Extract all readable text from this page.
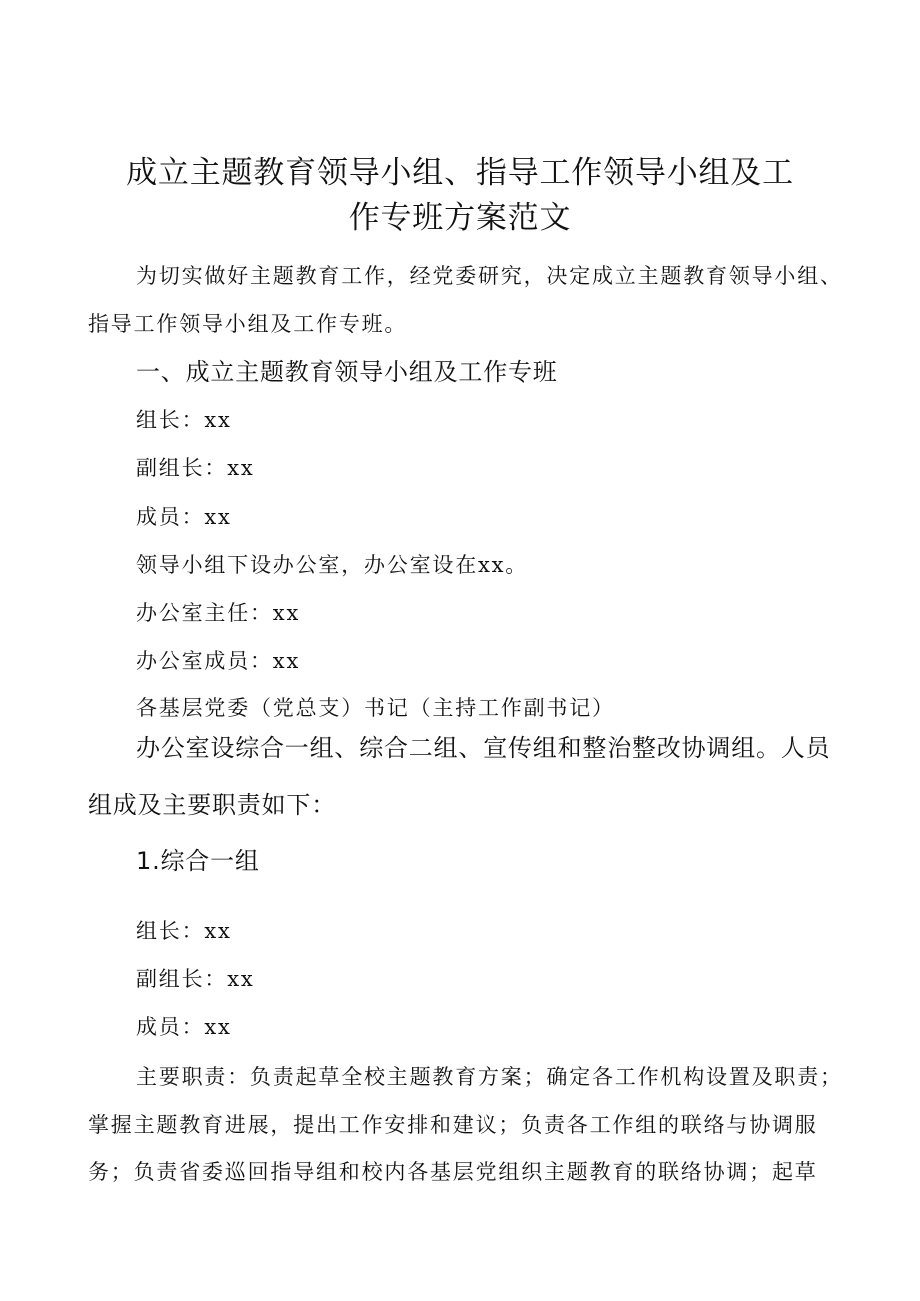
成立主题教育领导小组、指导工作领导小组及工
作专班方案范文
为切实做好主题教育工作，经党委研究，决定成立主题教育领导小组、
指导工作领导小组及工作专班。
一、成立主题教育领导小组及工作专班
组长：xx
副组长：xx
成员：xx
领导小组下设办公室，办公室设在xx。
办公室主任：xx
办公室成员：xx
各基层党委（党总支）书记（主持工作副书记）
办公室设综合一组、综合二组、宣传组和整治整改协调组。人员
组成及主要职责如下：
1.综合一组
组长：xx
副组长：xx
成员：xx
主要职责：负责起草全校主题教育方案；确定各工作机构设置及职责；
掌握主题教育进展，提出工作安排和建议；负责各工作组的联络与协调服
务；负责省委巡回指导组和校内各基层党组织主题教育的联络协调；起草
